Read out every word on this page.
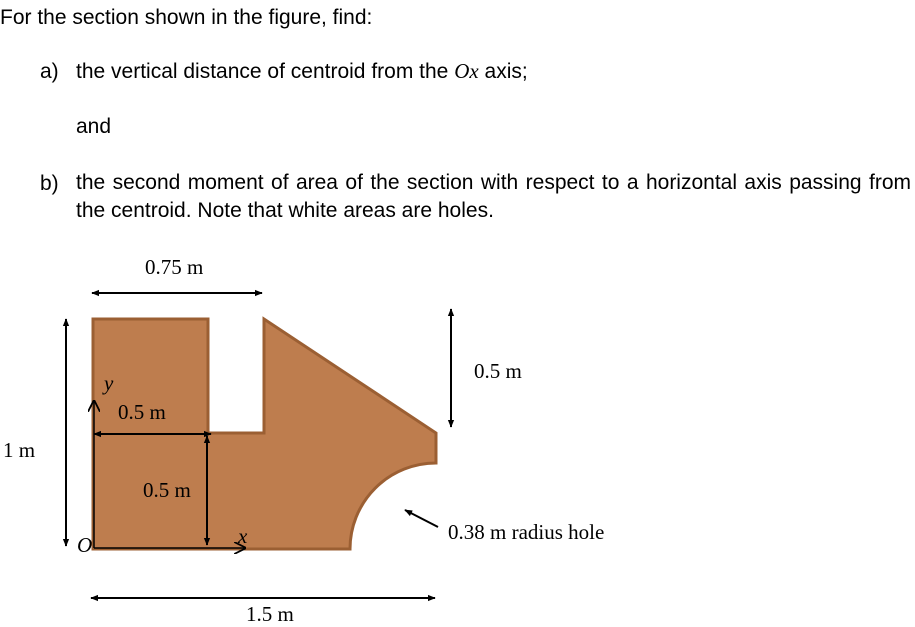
For the section shown in the figure, find:
a) the vertical distance of centroid from the Ox axis;
and
b) the second moment of area of the section with respect to a horizontal axis passing from the centroid. Note that white areas are holes.
0.75 m
0.5 m
1 m
y
x
O
0.5 m
0.5 m
0.38 m radius hole
1.5 m
